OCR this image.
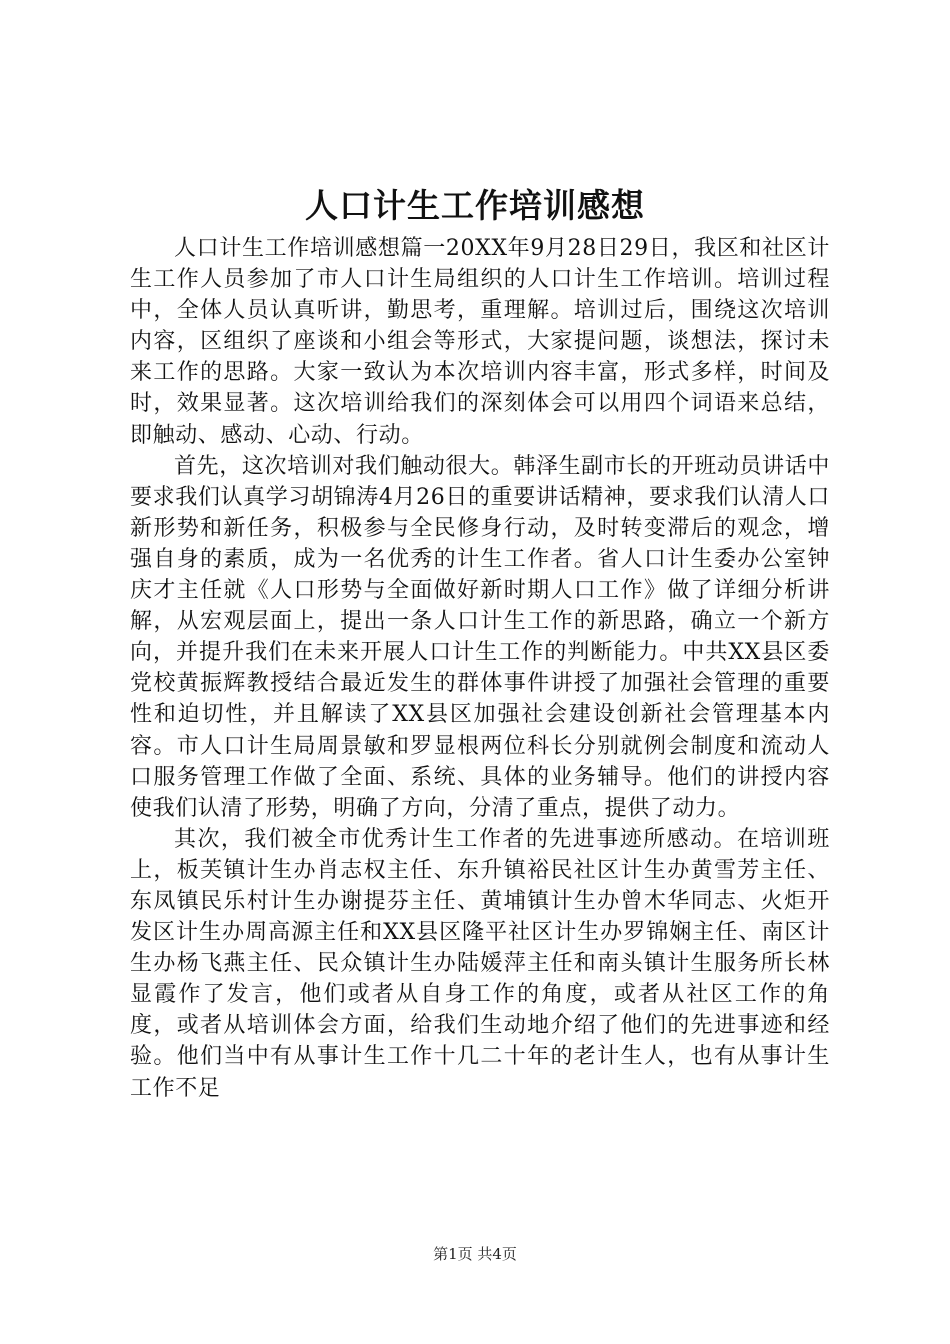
人口计生工作培训感想

人口计生工作培训感想篇一20XX年9月28日29日，我区和社区计生工作人员参加了市人口计生局组织的人口计生工作培训。培训过程中，全体人员认真听讲，勤思考，重理解。培训过后，围绕这次培训内容，区组织了座谈和小组会等形式，大家提问题，谈想法，探讨未来工作的思路。大家一致认为本次培训内容丰富，形式多样，时间及时，效果显著。这次培训给我们的深刻体会可以用四个词语来总结，即触动、感动、心动、行动。

首先，这次培训对我们触动很大。韩泽生副市长的开班动员讲话中要求我们认真学习胡锦涛4月26日的重要讲话精神，要求我们认清人口新形势和新任务，积极参与全民修身行动，及时转变滞后的观念，增强自身的素质，成为一名优秀的计生工作者。省人口计生委办公室钟庆才主任就《人口形势与全面做好新时期人口工作》做了详细分析讲解，从宏观层面上，提出一条人口计生工作的新思路，确立一个新方向，并提升我们在未来开展人口计生工作的判断能力。中共XX县区委党校黄振辉教授结合最近发生的群体事件讲授了加强社会管理的重要性和迫切性，并且解读了XX县区加强社会建设创新社会管理基本内容。市人口计生局周景敏和罗显根两位科长分别就例会制度和流动人口服务管理工作做了全面、系统、具体的业务辅导。他们的讲授内容使我们认清了形势，明确了方向，分清了重点，提供了动力。

其次，我们被全市优秀计生工作者的先进事迹所感动。在培训班上，板芙镇计生办肖志权主任、东升镇裕民社区计生办黄雪芳主任、东凤镇民乐村计生办谢提芬主任、黄埔镇计生办曾木华同志、火炬开发区计生办周高源主任和XX县区隆平社区计生办罗锦娴主任、南区计生办杨飞燕主任、民众镇计生办陆媛萍主任和南头镇计生服务所长林显霞作了发言，他们或者从自身工作的角度，或者从社区工作的角度，或者从培训体会方面，给我们生动地介绍了他们的先进事迹和经验。他们当中有从事计生工作十几二十年的老计生人，也有从事计生工作不足

第1页 共4页
